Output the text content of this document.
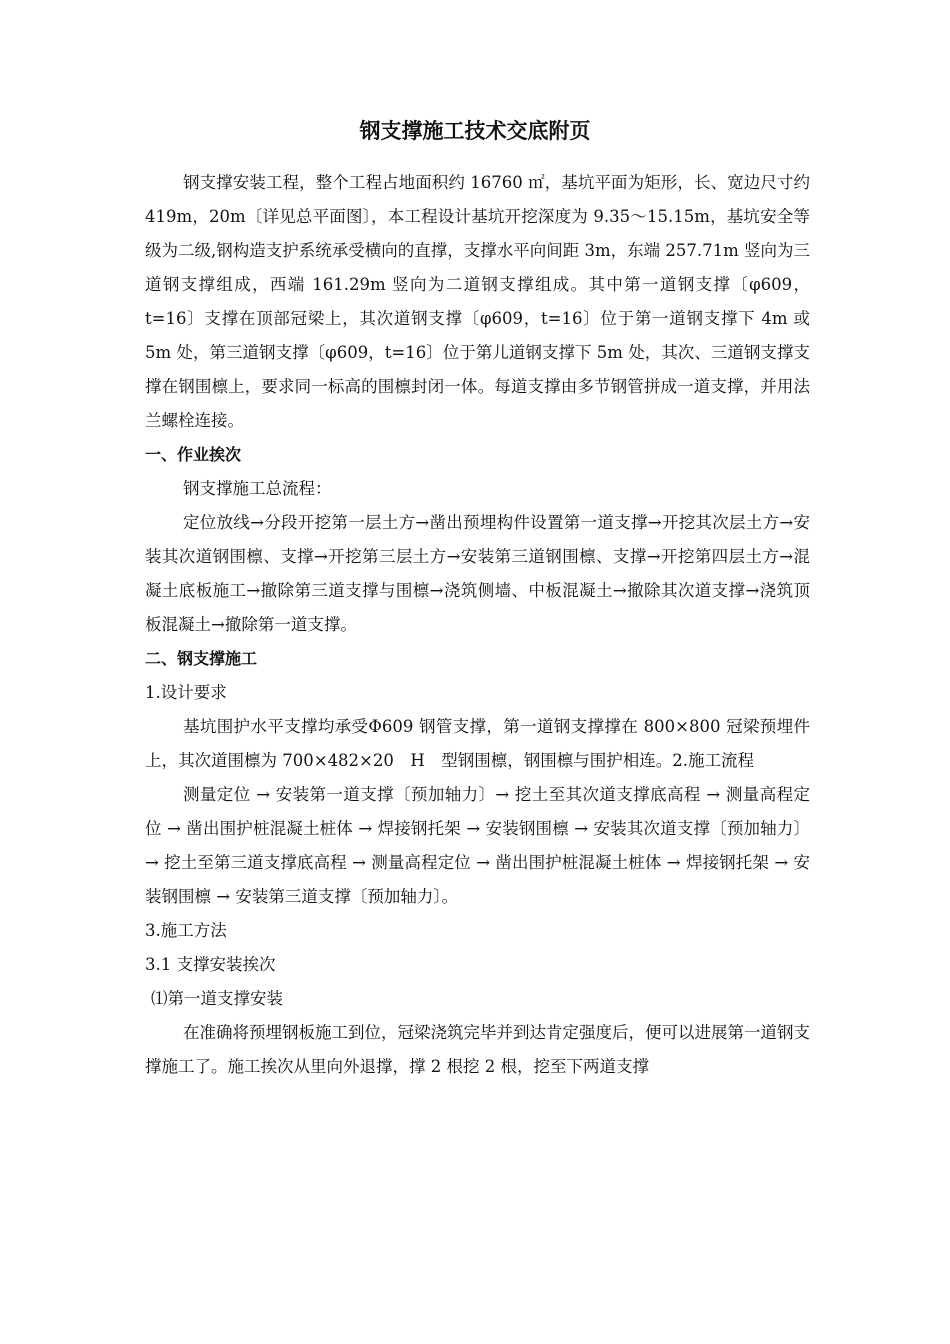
钢支撑施工技术交底附页

钢支撑安装工程，整个工程占地面积约 16760 ㎡，基坑平面为矩形，长、宽边尺寸约 419m，20m〔详见总平面图〕，本工程设计基坑开挖深度为 9.35～15.15m，基坑安全等级为二级,钢构造支护系统承受横向的直撑，支撑水平向间距 3m，东端 257.71m 竖向为三道钢支撑组成，西端 161.29m 竖向为二道钢支撑组成。其中第一道钢支撑〔φ609，t=16〕支撑在顶部冠梁上，其次道钢支撑〔φ609，t=16〕位于第一道钢支撑下 4m 或 5m 处，第三道钢支撑〔φ609，t=16〕位于第儿道钢支撑下 5m 处，其次、三道钢支撑支撑在钢围檩上，要求同一标高的围檩封闭一体。每道支撑由多节钢管拼成一道支撑，并用法兰螺栓连接。

一、作业挨次

钢支撑施工总流程：

定位放线→分段开挖第一层土方→凿出预埋构件设置第一道支撑→开挖其次层土方→安装其次道钢围檩、支撑→开挖第三层土方→安装第三道钢围檩、支撑→开挖第四层土方→混凝土底板施工→撤除第三道支撑与围檩→浇筑侧墙、中板混凝土→撤除其次道支撑→浇筑顶板混凝土→撤除第一道支撑。

二、钢支撑施工

1.设计要求

基坑围护水平支撑均承受Φ609 钢管支撑，第一道钢支撑撑在 800×800 冠梁预埋件上，其次道围檩为 700×482×20　H　型钢围檩，钢围檩与围护相连。2.施工流程

测量定位 → 安装第一道支撑〔预加轴力〕→ 挖土至其次道支撑底高程 → 测量高程定位 → 凿出围护桩混凝土桩体 → 焊接钢托架 → 安装钢围檩 → 安装其次道支撑〔预加轴力〕→ 挖土至第三道支撑底高程 → 测量高程定位 → 凿出围护桩混凝土桩体 → 焊接钢托架 → 安装钢围檩 → 安装第三道支撑〔预加轴力〕。

3.施工方法

3.1 支撑安装挨次

⑴第一道支撑安装

在准确将预埋钢板施工到位，冠梁浇筑完毕并到达肯定强度后，便可以进展第一道钢支撑施工了。施工挨次从里向外退撑，撑 2 根挖 2 根，挖至下两道支撑
